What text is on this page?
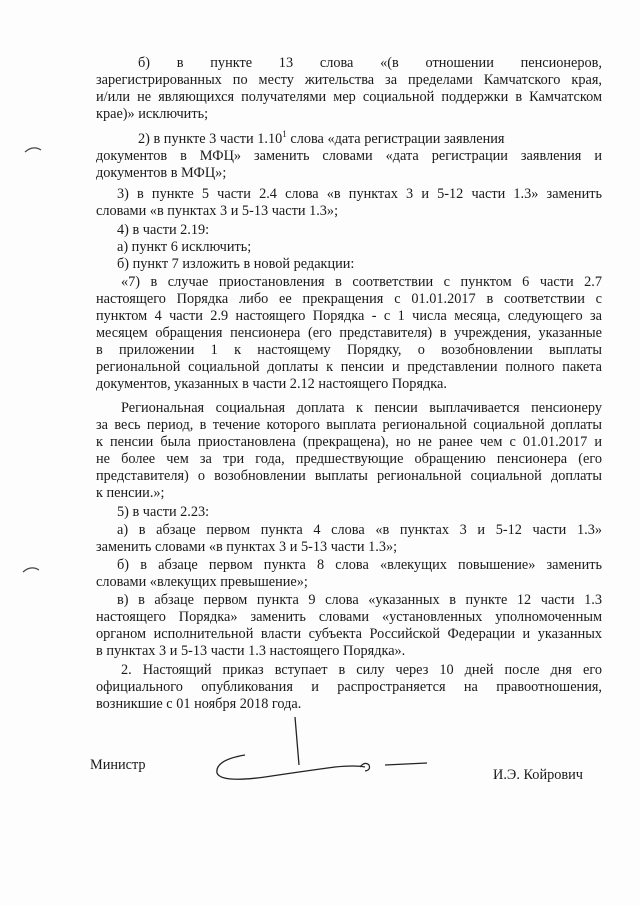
б) в пункте 13 слова «(в отношении пенсионеров,
зарегистрированных по месту жительства за пределами Камчатского края,
и/или не являющихся получателями мер социальной поддержки в Камчатском
крае)» исключить;
2) в пункте 3 части 1.10$^1$ слова «дата регистрации заявления
документов в МФЦ» заменить словами «дата регистрации заявления и
документов в МФЦ»;
3) в пункте 5 части 2.4 слова «в пунктах 3 и 5-12 части 1.3» заменить
словами «в пунктах 3 и 5-13 части 1.3»;
4) в части 2.19:
а) пункт 6 исключить;
б) пункт 7 изложить в новой редакции:
«7) в случае приостановления в соответствии с пунктом 6 части 2.7
настоящего Порядка либо ее прекращения с 01.01.2017 в соответствии с
пунктом 4 части 2.9 настоящего Порядка - с 1 числа месяца, следующего за
месяцем обращения пенсионера (его представителя) в учреждения, указанные
в приложении 1 к настоящему Порядку, о возобновлении выплаты
региональной социальной доплаты к пенсии и представлении полного пакета
документов, указанных в части 2.12 настоящего Порядка.
Региональная социальная доплата к пенсии выплачивается пенсионеру
за весь период, в течение которого выплата региональной социальной доплаты
к пенсии была приостановлена (прекращена), но не ранее чем с 01.01.2017 и
не более чем за три года, предшествующие обращению пенсионера (его
представителя) о возобновлении выплаты региональной социальной доплаты
к пенсии.»;
5) в части 2.23:
а) в абзаце первом пункта 4 слова «в пунктах 3 и 5-12 части 1.3»
заменить словами «в пунктах 3 и 5-13 части 1.3»;
б) в абзаце первом пункта 8 слова «влекущих повышение» заменить
словами «влекущих превышение»;
в) в абзаце первом пункта 9 слова «указанных в пункте 12 части 1.3
настоящего Порядка» заменить словами «установленных уполномоченным
органом исполнительной власти субъекта Российской Федерации и указанных
в пунктах 3 и 5-13 части 1.3 настоящего Порядка».
2. Настоящий приказ вступает в силу через 10 дней после дня его
официального опубликования и распространяется на правоотношения,
возникшие с 01 ноября 2018 года.
Министр
И.Э. Койрович
